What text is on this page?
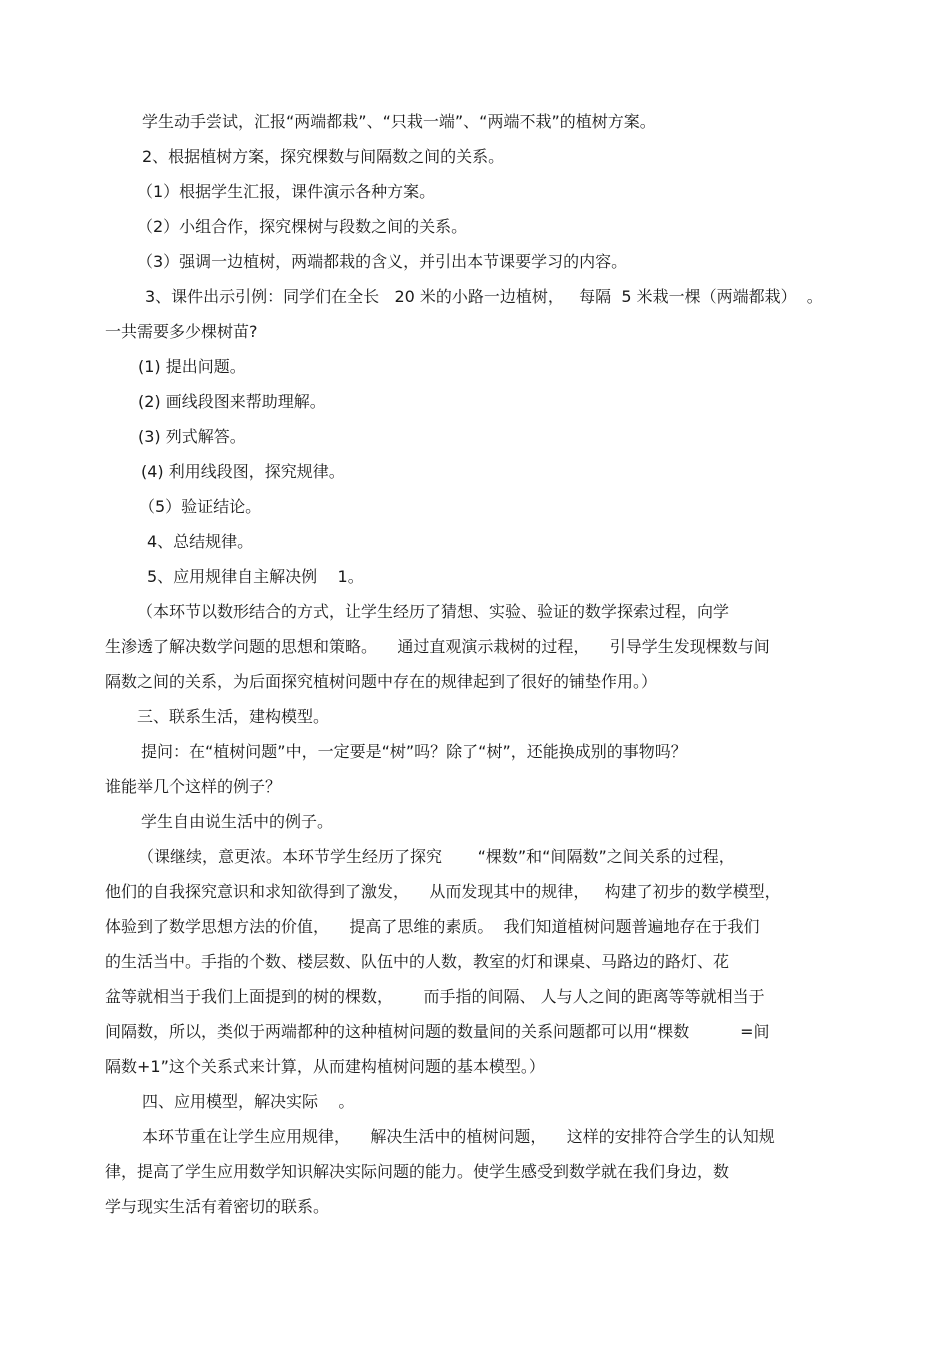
学生动手尝试，汇报“两端都栽”、“只栽一端”、“两端不栽”的植树方案。

2、根据植树方案，探究棵数与间隔数之间的关系。

（1）根据学生汇报，课件演示各种方案。

（2）小组合作，探究棵树与段数之间的关系。

（3）强调一边植树，两端都栽的含义，并引出本节课要学习的内容。

3、课件出示引例：同学们在全长   20 米的小路一边植树，   每隔  5 米栽一棵（两端都栽）  。

一共需要多少棵树苗?

(1) 提出问题。

(2) 画线段图来帮助理解。

(3) 列式解答。

(4) 利用线段图，探究规律。

（5）验证结论。

4、总结规律。

5、应用规律自主解决例    1。

（本环节以数形结合的方式，让学生经历了猜想、实验、验证的数学探索过程，向学

生渗透了解决数学问题的思想和策略。    通过直观演示栽树的过程，    引导学生发现棵数与间

隔数之间的关系，为后面探究植树问题中存在的规律起到了很好的铺垫作用。）

三、联系生活，建构模型。

提问：在“植树问题”中，一定要是“树”吗？除了“树”，还能换成别的事物吗？

谁能举几个这样的例子？

学生自由说生活中的例子。

（课继续，意更浓。本环节学生经历了探究       “棵数”和“间隔数”之间关系的过程，

他们的自我探究意识和求知欲得到了激发，    从而发现其中的规律，   构建了初步的数学模型，

体验到了数学思想方法的价值，    提高了思维的素质。  我们知道植树问题普遍地存在于我们

的生活当中。手指的个数、楼层数、队伍中的人数，教室的灯和课桌、马路边的路灯、花

盆等就相当于我们上面提到的树的棵数，      而手指的间隔、 人与人之间的距离等等就相当于

间隔数，所以，类似于两端都种的这种植树问题的数量间的关系问题都可以用“棵数          =间

隔数+1”这个关系式来计算，从而建构植树问题的基本模型。）

四、应用模型，解决实际    。

本环节重在让学生应用规律，    解决生活中的植树问题，    这样的安排符合学生的认知规

律，提高了学生应用数学知识解决实际问题的能力。使学生感受到数学就在我们身边，数

学与现实生活有着密切的联系。
